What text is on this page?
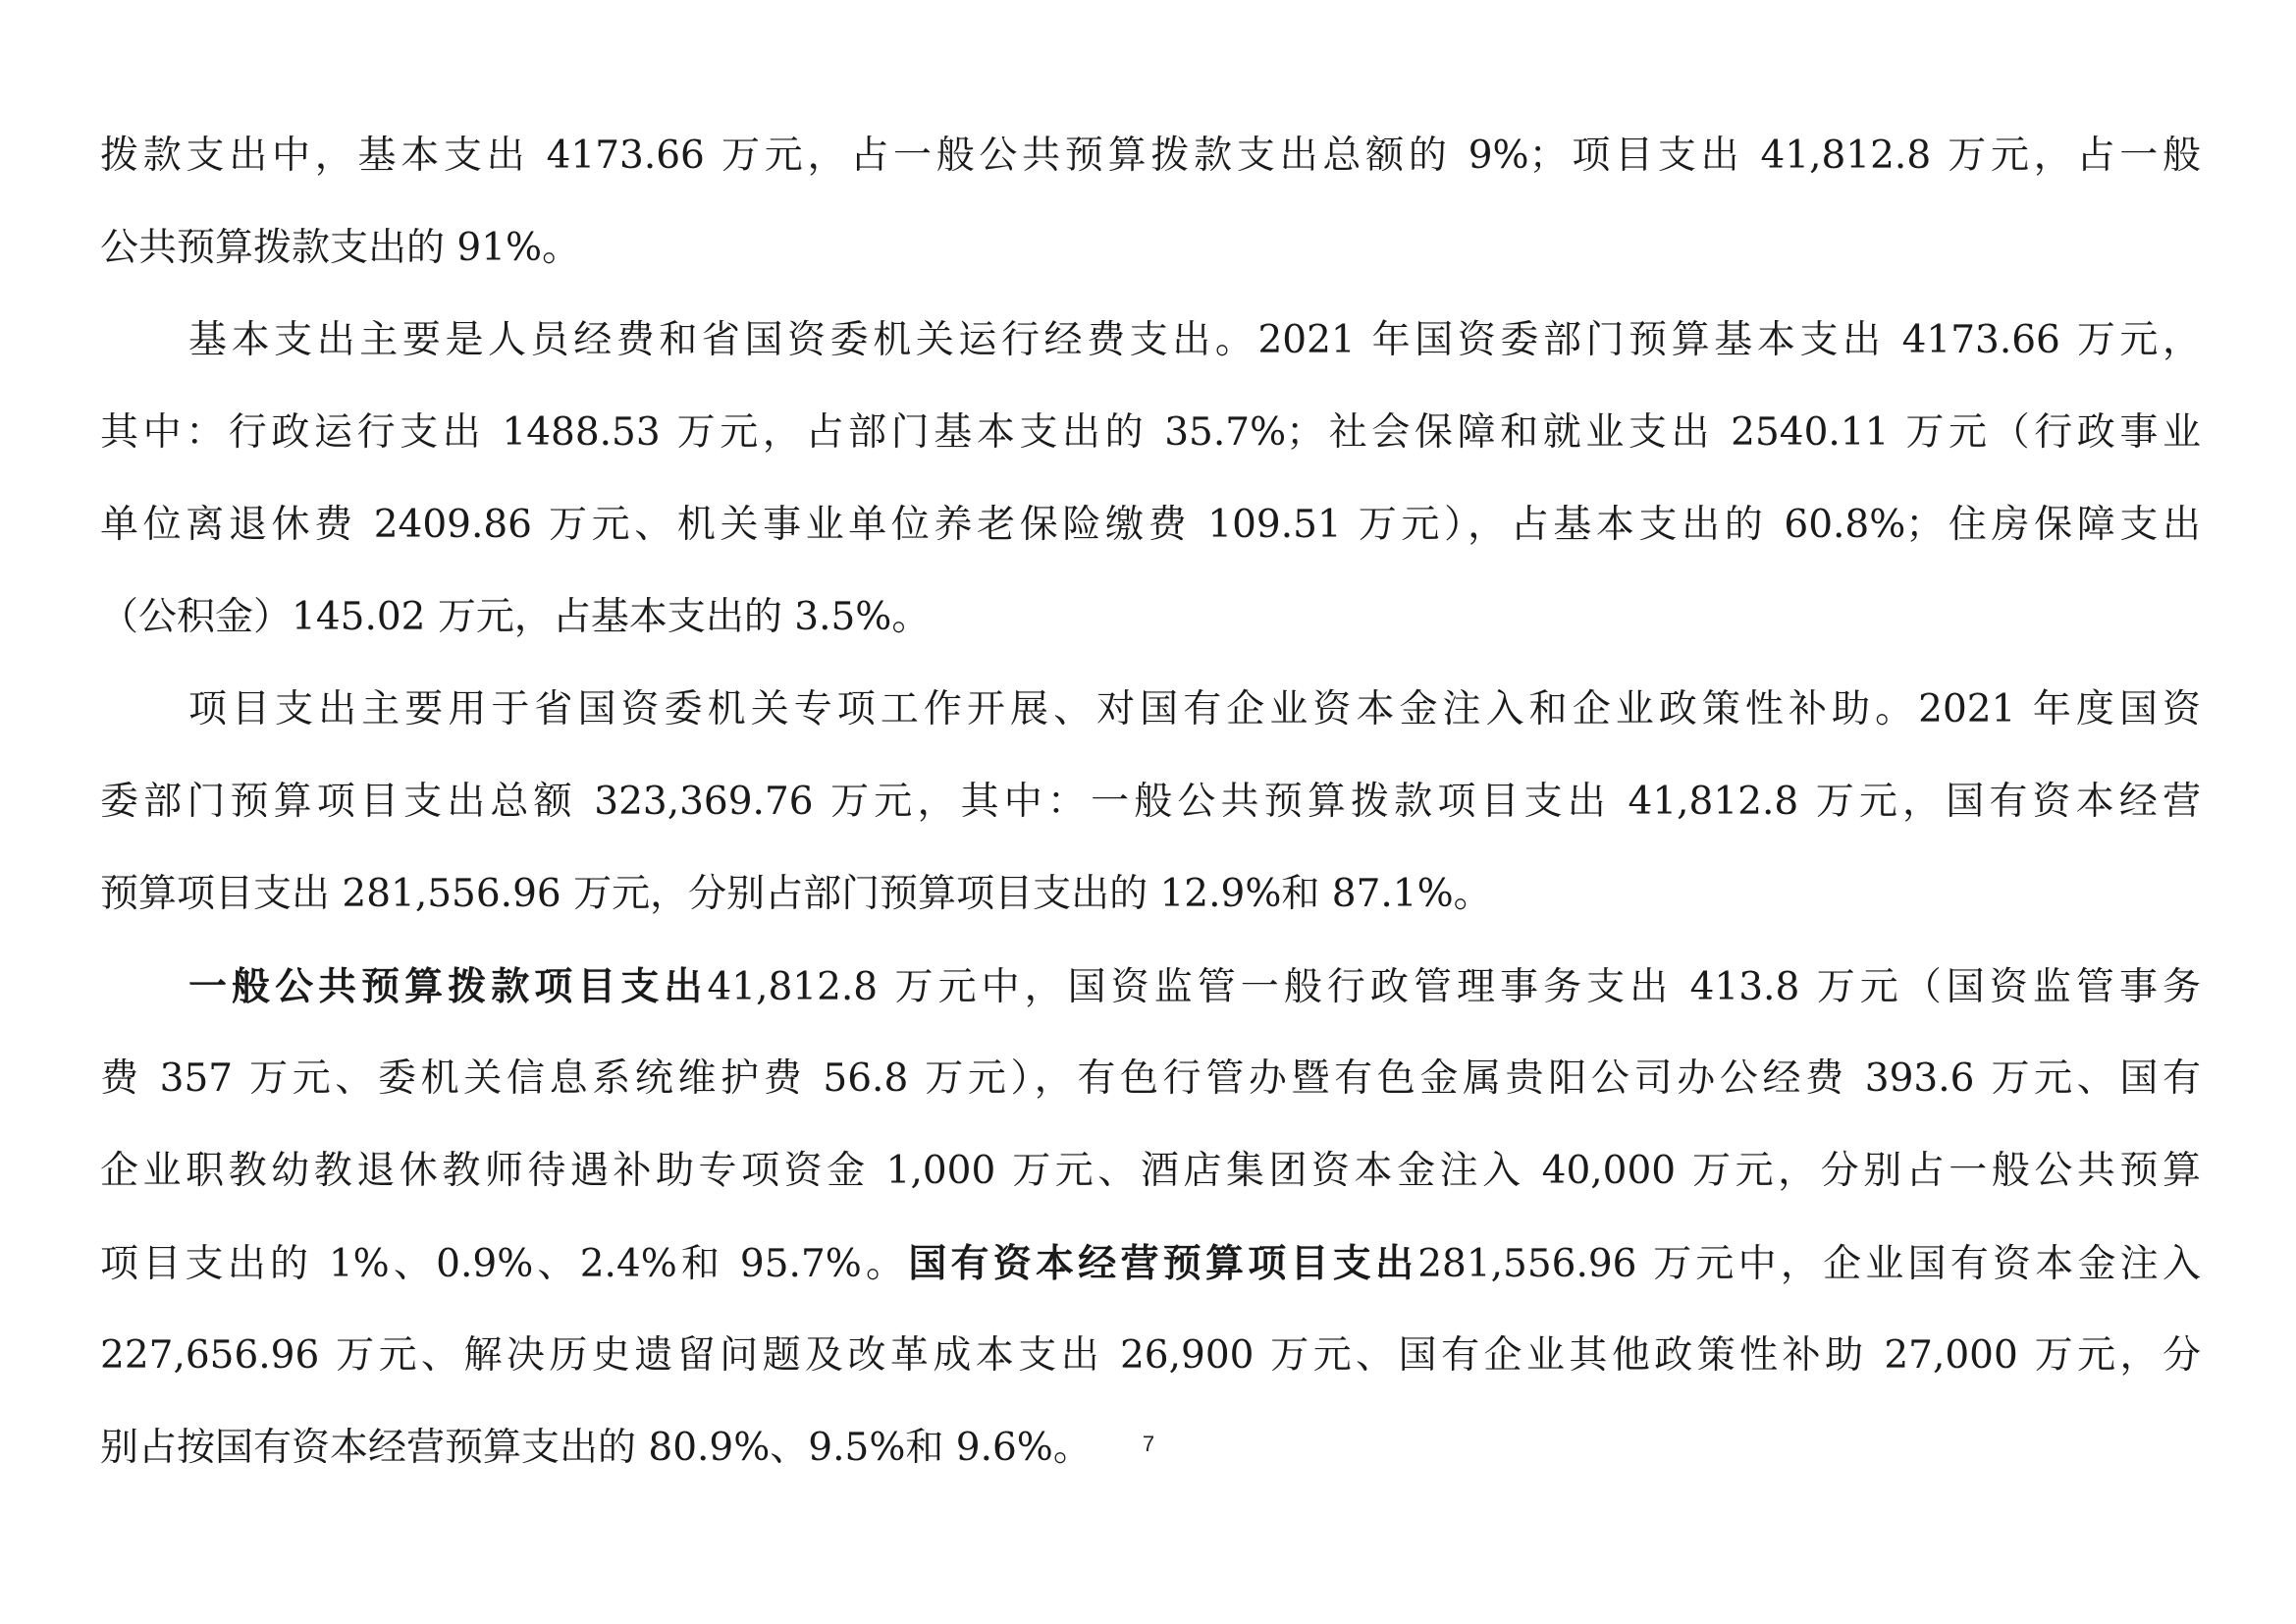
拨款支出中，基本支出 4173.66 万元，占一般公共预算拨款支出总额的 9%；项目支出 41,812.8 万元，占一般
公共预算拨款支出的 91%。
基本支出主要是人员经费和省国资委机关运行经费支出。2021 年国资委部门预算基本支出 4173.66 万元，
其中：行政运行支出 1488.53 万元，占部门基本支出的 35.7%；社会保障和就业支出 2540.11 万元（行政事业
单位离退休费 2409.86 万元、机关事业单位养老保险缴费 109.51 万元），占基本支出的 60.8%；住房保障支出
（公积金）145.02 万元，占基本支出的 3.5%。
项目支出主要用于省国资委机关专项工作开展、对国有企业资本金注入和企业政策性补助。2021 年度国资
委部门预算项目支出总额 323,369.76 万元，其中：一般公共预算拨款项目支出 41,812.8 万元，国有资本经营
预算项目支出 281,556.96 万元，分别占部门预算项目支出的 12.9%和 87.1%。
一般公共预算拨款项目支出41,812.8 万元中，国资监管一般行政管理事务支出 413.8 万元（国资监管事务
费 357 万元、委机关信息系统维护费 56.8 万元），有色行管办暨有色金属贵阳公司办公经费 393.6 万元、国有
企业职教幼教退休教师待遇补助专项资金 1,000 万元、酒店集团资本金注入 40,000 万元，分别占一般公共预算
项目支出的 1%、0.9%、2.4%和 95.7%。国有资本经营预算项目支出281,556.96 万元中，企业国有资本金注入
227,656.96 万元、解决历史遗留问题及改革成本支出 26,900 万元、国有企业其他政策性补助 27,000 万元，分
别占按国有资本经营预算支出的 80.9%、9.5%和 9.6%。	7
